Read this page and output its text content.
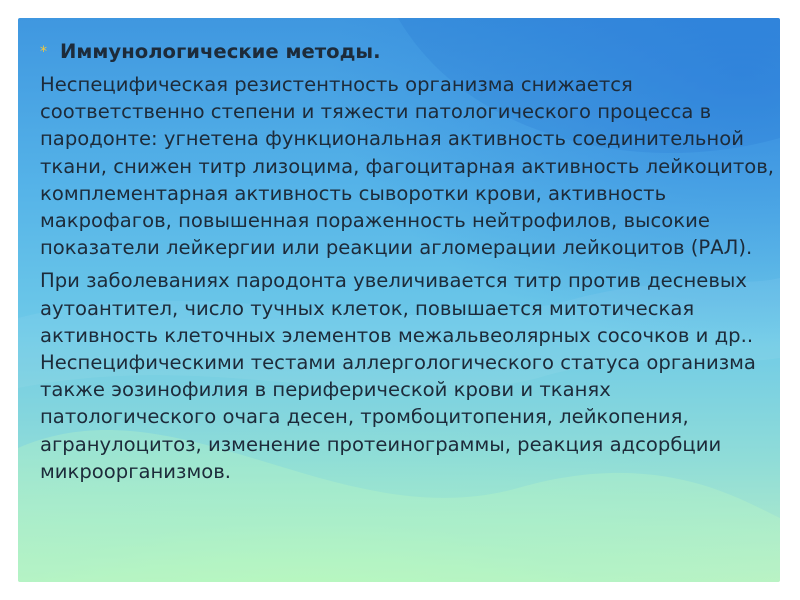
* Иммунологические методы.

Неспецифическая резистентность организма снижается соответственно степени и тяжести патологического процесса в пародонте: угнетена функциональная активность соединительной ткани, снижен титр лизоцима, фагоцитарная активность лейкоцитов, комплементарная активность сыворотки крови, активность макрофагов, повышенная пораженность нейтрофилов, высокие показатели лейкергии или реакции агломерации лейкоцитов (РАЛ).

При заболеваниях пародонта увеличивается титр против десневых аутоантител, число тучных клеток, повышается митотическая активность клеточных элементов межальвеолярных сосочков и др.. Неспецифическими тестами аллергологического статуса организма также эозинофилия в периферической крови и тканях патологического очага десен, тромбоцитопения, лейкопения, агранулоцитоз, изменение протеинограммы, реакция адсорбции микроорганизмов.
